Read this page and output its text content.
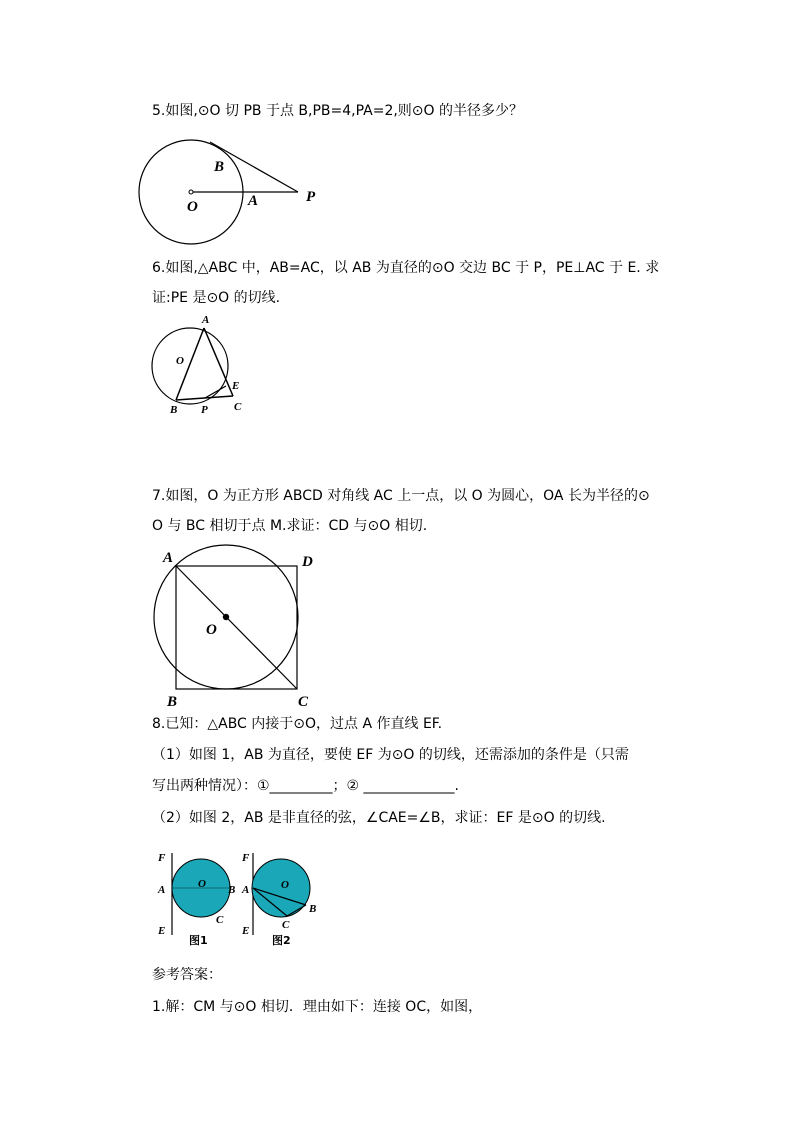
5.如图,⊙O 切 PB 于点 B,PB=4,PA=2,则⊙O 的半径多少？
B
O	A	P
6.如图,△ABC 中，AB=AC，以 AB 为直径的⊙O 交边 BC 于 P，PE⊥AC 于 E. 求
证:PE 是⊙O 的切线.
A
O
E
B P C
7.如图，O 为正方形 ABCD 对角线 AC 上一点，以 O 为圆心，OA 长为半径的⊙
O 与 BC 相切于点 M.求证：CD 与⊙O 相切.
A	D
O
B	C
8.已知：△ABC 内接于⊙O，过点 A 作直线 EF.
（1）如图 1，AB 为直径，要使 EF 为⊙O 的切线，还需添加的条件是（只需
写出两种情况）：①_________；② _____________.
（2）如图 2，AB 是非直径的弦，∠CAE=∠B，求证：EF 是⊙O 的切线.
F
A
E
O B
C
图1
F
A
E
O
B
C
图2
参考答案：
1.解：CM 与⊙O 相切．理由如下：连接 OC，如图，
